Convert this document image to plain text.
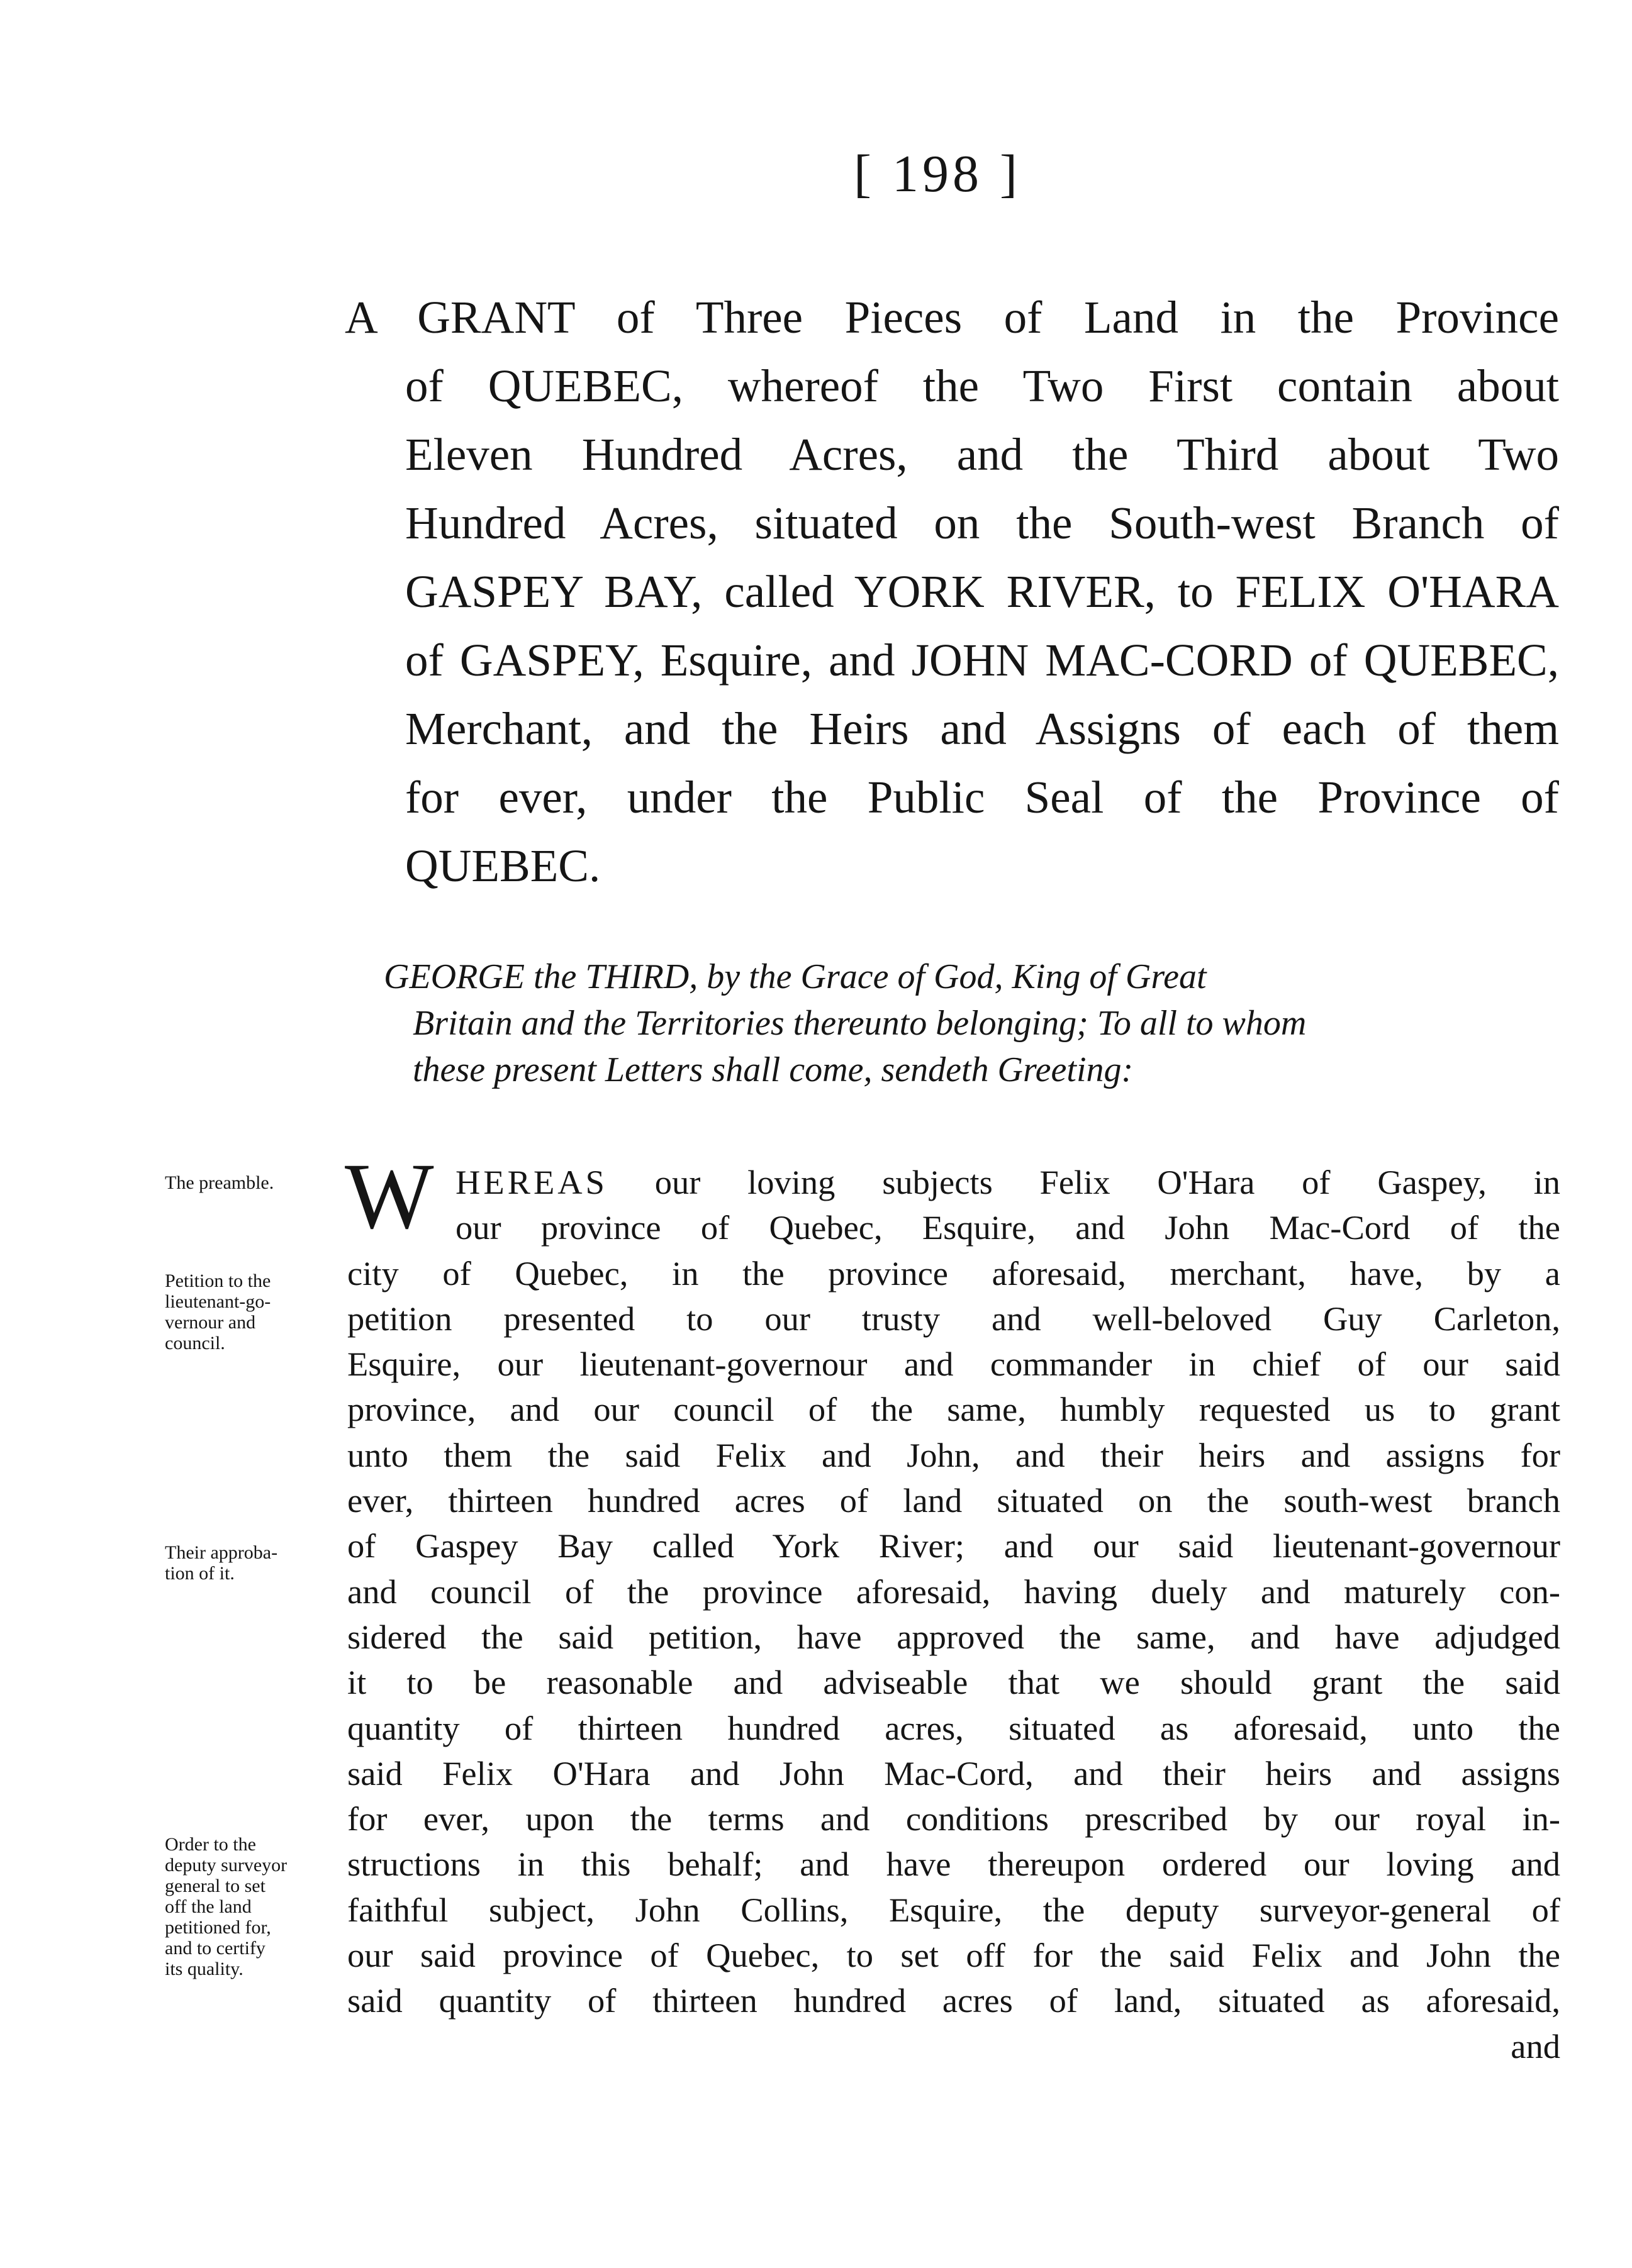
[ 198 ]
A GRANT of Three Pieces of Land in the Province
of QUEBEC, whereof the Two First contain about
Eleven Hundred Acres, and the Third about Two
Hundred Acres, situated on the South-west Branch of
GASPEY BAY, called YORK RIVER, to FELIX O'HARA
of GASPEY, Esquire, and JOHN MAC-CORD of QUEBEC,
Merchant, and the Heirs and Assigns of each of them
for ever, under the Public Seal of the Province of
QUEBEC.
GEORGE the THIRD, by the Grace of God, King of Great
Britain and the Territories thereunto belonging; To all to whom
these present Letters shall come, sendeth Greeting:
W HEREAS our loving subjects Felix O'Hara of Gaspey, in
our province of Quebec, Esquire, and John Mac-Cord of the
city of Quebec, in the province aforesaid, merchant, have, by a
petition presented to our trusty and well-beloved Guy Carleton,
Esquire, our lieutenant-governour and commander in chief of our said
province, and our council of the same, humbly requested us to grant
unto them the said Felix and John, and their heirs and assigns for
ever, thirteen hundred acres of land situated on the south-west branch
of Gaspey Bay called York River; and our said lieutenant-governour
and council of the province aforesaid, having duely and maturely con-
sidered the said petition, have approved the same, and have adjudged
it to be reasonable and adviseable that we should grant the said
quantity of thirteen hundred acres, situated as aforesaid, unto the
said Felix O'Hara and John Mac-Cord, and their heirs and assigns
for ever, upon the terms and conditions prescribed by our royal in-
structions in this behalf; and have thereupon ordered our loving and
faithful subject, John Collins, Esquire, the deputy surveyor-general of
our said province of Quebec, to set off for the said Felix and John the
said quantity of thirteen hundred acres of land, situated as aforesaid,
and
The preamble.
Petition to the
lieutenant-go-
vernour and
council.
Their approba-
tion of it.
Order to the
deputy surveyor
general to set
off the land
petitioned for,
and to certify
its quality.
